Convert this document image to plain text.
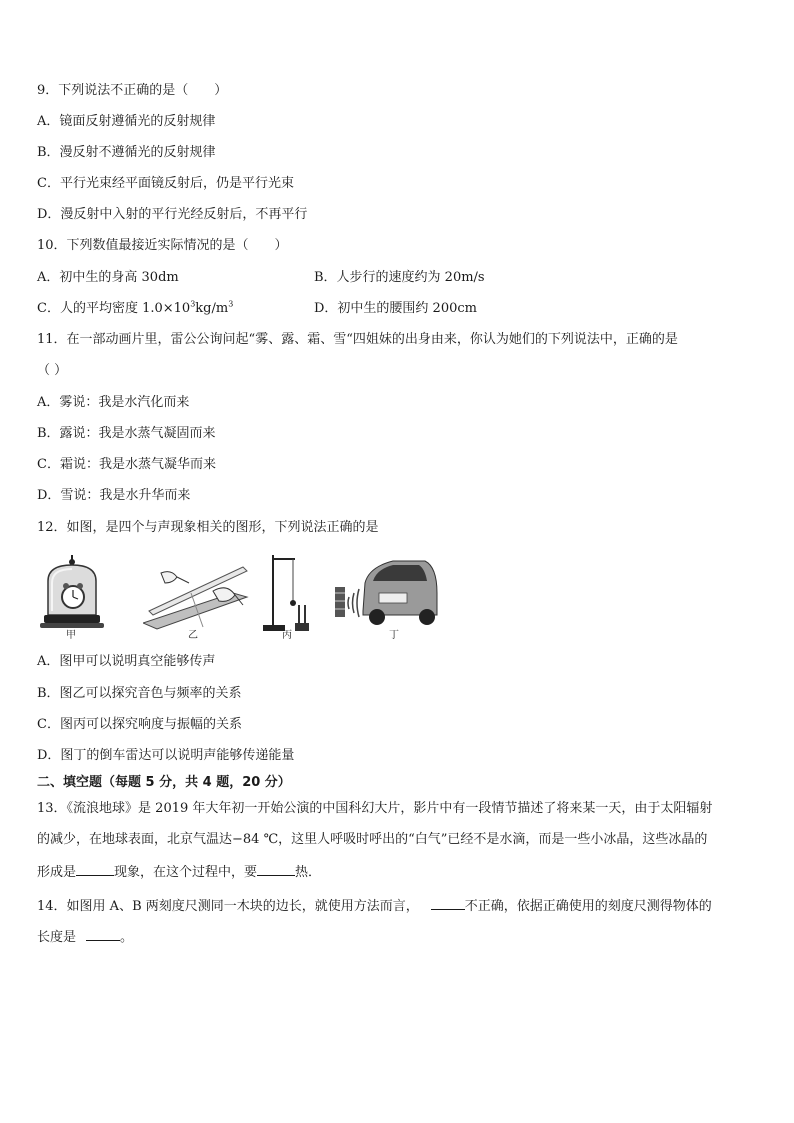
9．下列说法不正确的是（　　）
A．镜面反射遵循光的反射规律
B．漫反射不遵循光的反射规律
C．平行光束经平面镜反射后，仍是平行光束
D．漫反射中入射的平行光经反射后，不再平行
10．下列数值最接近实际情况的是（　　）
A．初中生的身高 30dm	B．人步行的速度约为 20m/s
C．人的平均密度 $1.0\times 10^3kg/m^3$	D．初中生的腰围约 200cm
11．在一部动画片里，雷公公询问起“雾、露、霜、雪“四姐妹的出身由来，你认为她们的下列说法中，正确的是
（ ）
A．雾说：我是水汽化而来
B．露说：我是水蒸气凝固而来
C．霜说：我是水蒸气凝华而来
D．雪说：我是水升华而来
12．如图，是四个与声现象相关的图形，下列说法正确的是
甲	乙	丙	丁
A．图甲可以说明真空能够传声
B．图乙可以探究音色与频率的关系
C．图丙可以探究响度与振幅的关系
D．图丁的倒车雷达可以说明声能够传递能量
二、填空题（每题 5 分，共 4 题，20 分）
13．《流浪地球》是 2019 年大年初一开始公演的中国科幻大片，影片中有一段情节描述了将来某一天，由于太阳辐射
的减少，在地球表面，北京气温达−84 ℃，这里人呼吸时呼出的“白气”已经不是水滴，而是一些小冰晶，这些冰晶的
形成是	现象，在这个过程中，要	热．
14．如图用 A、B 两刻度尺测同一木块的边长，就使用方法而言，	不正确，依据正确使用的刻度尺测得物体的
长度是	。
